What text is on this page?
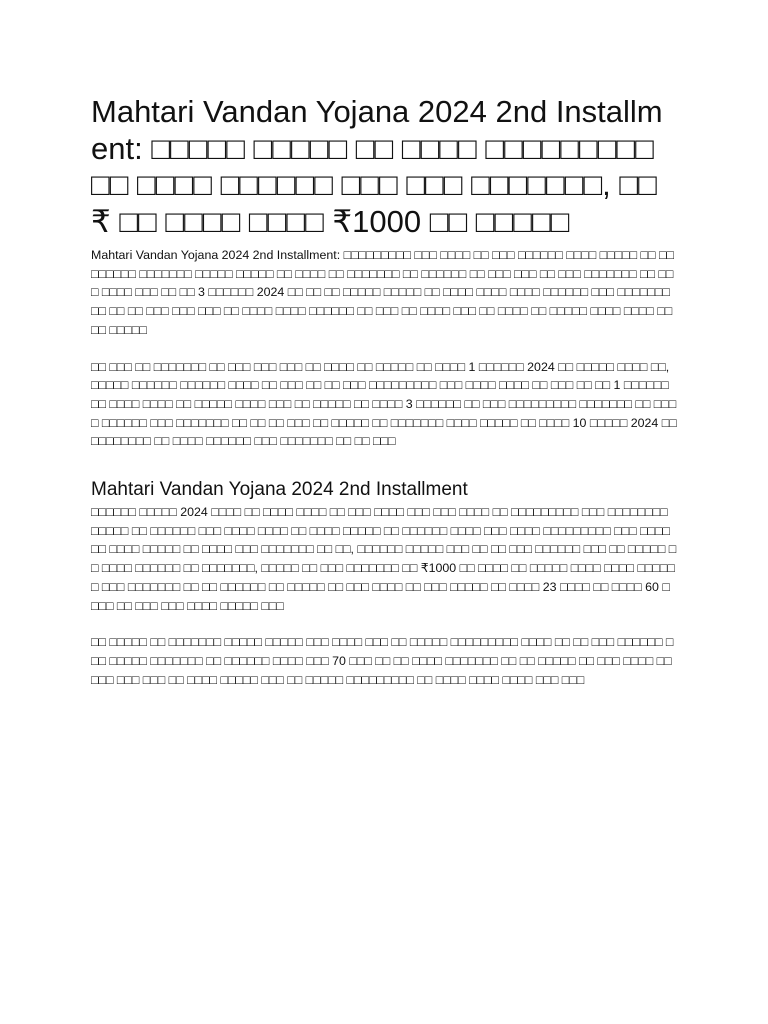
Mahtari Vandan Yojana 2024 2nd Installment: □□□□□ □□□□□ □□ □□□□ □□□□□□□□□ □□ □□□□ □□□□□□ □□□ □□□ □□□□□□□, □□ ₹ □□ □□□□ □□□□ ₹1000 □□ □□□□□

Mahtari Vandan Yojana 2024 2nd Installment: □□□□□□□□□ □□□ □□□□ □□ □□□ □□□□□□ □□□□ □□□□□ □□ □□□□□□□□ □□□□□□□ □□□□□ □□□□□ □□ □□□□ □□ □□□□□□□ □□ □□□□□□ □□ □□□ □□□ □□ □□□ □□□□□□□ □□ □□□ □□□□ □□□ □□ □□ 3 □□□□□□ 2024 □□ □□ □□ □□□□□ □□□□□ □□ □□□□ □□□□ □□□□ □□□□□□ □□□ □□□□□□□ □□ □□ □□ □□□ □□□ □□□ □□ □□□□ □□□□ □□□□□□ □□ □□□ □□ □□□□ □□□ □□ □□□□ □□ □□□□□ □□□□ □□□□ □□ □□ □□□□□

□□ □□□ □□ □□□□□□□ □□ □□□ □□□ □□□ □□ □□□□ □□ □□□□□ □□ □□□□ 1 □□□□□□ 2024 □□ □□□□□ □□□□ □□, □□□□□ □□□□□□ □□□□□□ □□□□ □□ □□□ □□ □□ □□□ □□□□□□□□□ □□□ □□□□ □□□□ □□ □□□ □□ □□ 1 □□□□□□ □□ □□□□ □□□□ □□ □□□□□ □□□□ □□□ □□ □□□□□ □□ □□□□ 3 □□□□□□ □□ □□□ □□□□□□□□□ □□□□□□□ □□ □□□□ □□□□□□ □□□ □□□□□□□ □□ □□ □□ □□□ □□ □□□□□ □□ □□□□□□□ □□□□ □□□□□ □□ □□□□ 10 □□□□□ 2024 □□ □□□□□□□□ □□ □□□□ □□□□□□ □□□ □□□□□□□ □□ □□ □□□

Mahtari Vandan Yojana 2024 2nd Installment

□□□□□□ □□□□□ 2024 □□□□ □□ □□□□ □□□□ □□ □□□ □□□□ □□□ □□□ □□□□ □□ □□□□□□□□□ □□□ □□□□□□□□ □□□□□ □□ □□□□□□ □□□ □□□□ □□□□ □□ □□□□ □□□□□ □□ □□□□□□ □□□□ □□□ □□□□ □□□□□□□□□ □□□ □□□□□□ □□□□ □□□□□ □□ □□□□ □□□ □□□□□□□ □□ □□, □□□□□□ □□□□□ □□□ □□ □□ □□□ □□□□□□ □□□ □□ □□□□□ □□ □□□□ □□□□□□ □□ □□□□□□□, □□□□□ □□ □□□ □□□□□□□ □□ ₹1000 □□ □□□□ □□ □□□□□ □□□□ □□□□ □□□□□□ □□□ □□□□□□□ □□ □□ □□□□□□ □□ □□□□□ □□ □□□ □□□□ □□ □□□ □□□□□ □□ □□□□ 23 □□□□ □□ □□□□ 60 □□□□ □□ □□□ □□□ □□□□ □□□□□ □□□

□□ □□□□□ □□ □□□□□□□ □□□□□ □□□□□ □□□ □□□□ □□□ □□ □□□□□ □□□□□□□□□ □□□□ □□ □□ □□□ □□□□□□ □□□ □□□□□ □□□□□□□ □□ □□□□□□ □□□□ □□□ 70 □□□ □□ □□ □□□□ □□□□□□□ □□ □□ □□□□□ □□ □□□ □□□□ □□ □□□ □□□ □□□ □□ □□□□ □□□□□ □□□ □□ □□□□□ □□□□□□□□□ □□ □□□□ □□□□ □□□□ □□□ □□□
